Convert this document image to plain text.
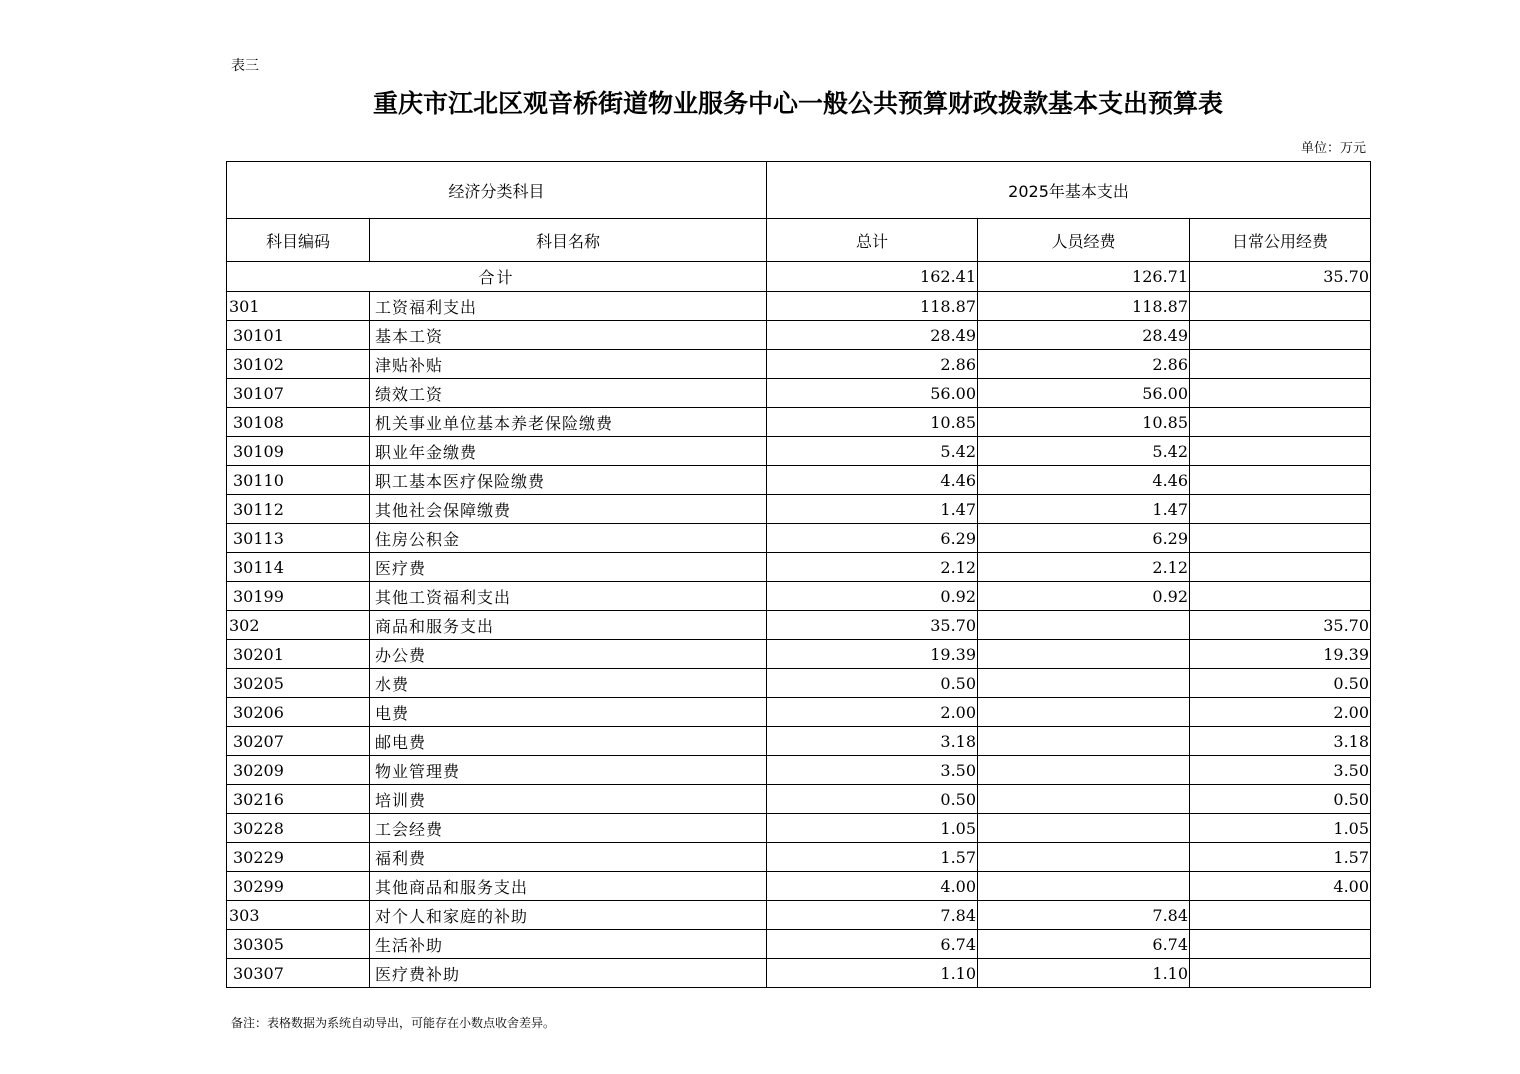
表三
重庆市江北区观音桥街道物业服务中心一般公共预算财政拨款基本支出预算表
单位：万元
经济分类科目		2025年基本支出		
科目编码	科目名称	总计	人员经费	日常公用经费
合计		162.41	126.71	35.70
301	工资福利支出	118.87	118.87	
30101	基本工资	28.49	28.49	
30102	津贴补贴	2.86	2.86	
30107	绩效工资	56.00	56.00	
30108	机关事业单位基本养老保险缴费	10.85	10.85	
30109	职业年金缴费	5.42	5.42	
30110	职工基本医疗保险缴费	4.46	4.46	
30112	其他社会保障缴费	1.47	1.47	
30113	住房公积金	6.29	6.29	
30114	医疗费	2.12	2.12	
30199	其他工资福利支出	0.92	0.92	
302	商品和服务支出	35.70		35.70
30201	办公费	19.39		19.39
30205	水费	0.50		0.50
30206	电费	2.00		2.00
30207	邮电费	3.18		3.18
30209	物业管理费	3.50		3.50
30216	培训费	0.50		0.50
30228	工会经费	1.05		1.05
30229	福利费	1.57		1.57
30299	其他商品和服务支出	4.00		4.00
303	对个人和家庭的补助	7.84	7.84	
30305	生活补助	6.74	6.74	
30307	医疗费补助	1.10	1.10	
备注：表格数据为系统自动导出，可能存在小数点收舍差异。
